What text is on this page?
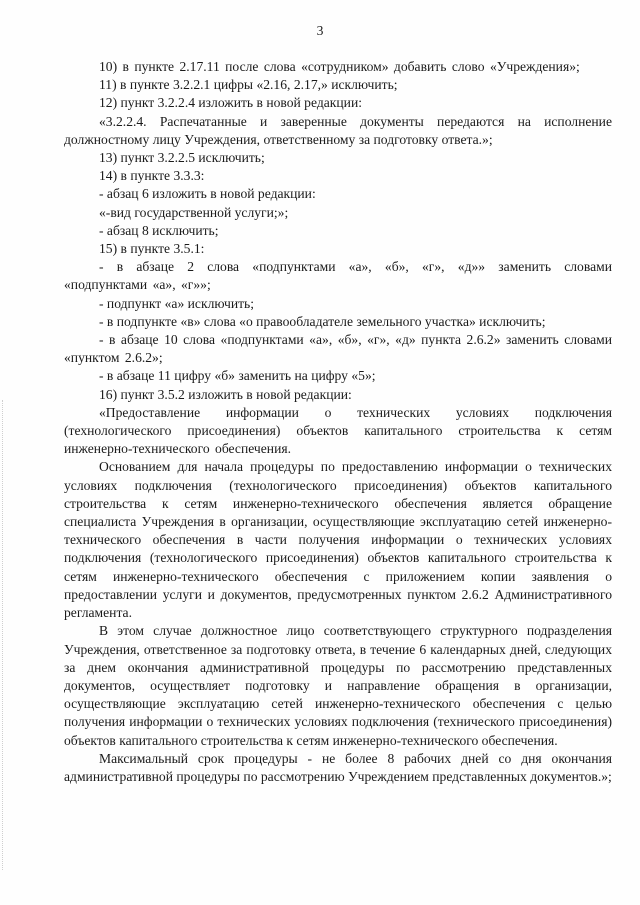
3

10) в пункте 2.17.11 после слова «сотрудником» добавить слово «Учреждения»;

11) в пункте 3.2.2.1 цифры «2.16, 2.17,» исключить;

12) пункт 3.2.2.4 изложить в новой редакции:

«3.2.2.4. Распечатанные и заверенные документы передаются на исполнение должностному лицу Учреждения, ответственному за подготовку ответа.»;

13) пункт 3.2.2.5 исключить;

14) в пункте 3.3.3:

- абзац 6 изложить в новой редакции:

«-вид государственной услуги;»;

- абзац 8 исключить;

15) в пункте 3.5.1:

- в абзаце 2 слова «подпунктами «а», «б», «г», «д»» заменить словами «подпунктами «а», «г»»;

- подпункт «а» исключить;

- в подпункте «в» слова «о правообладателе земельного участка» исключить;

- в абзаце 10 слова «подпунктами «а», «б», «г», «д» пункта 2.6.2» заменить словами «пунктом 2.6.2»;

- в абзаце 11 цифру «б» заменить на цифру «5»;

16) пункт 3.5.2 изложить в новой редакции:

«Предоставление информации о технических условиях подключения (технологического присоединения) объектов капитального строительства к сетям инженерно-технического обеспечения.

Основанием для начала процедуры по предоставлению информации о технических условиях подключения (технологического присоединения) объектов капитального строительства к сетям инженерно-технического обеспечения является обращение специалиста Учреждения в организации, осуществляющие эксплуатацию сетей инженерно-технического обеспечения в части получения информации о технических условиях подключения (технологического присоединения) объектов капитального строительства к сетям инженерно-технического обеспечения с приложением копии заявления о предоставлении услуги и документов, предусмотренных пунктом 2.6.2 Административного регламента.

В этом случае должностное лицо соответствующего структурного подразделения Учреждения, ответственное за подготовку ответа, в течение 6 календарных дней, следующих за днем окончания административной процедуры по рассмотрению представленных документов, осуществляет подготовку и направление обращения в организации, осуществляющие эксплуатацию сетей инженерно-технического обеспечения с целью получения информации о технических условиях подключения (технического присоединения) объектов капитального строительства к сетям инженерно-технического обеспечения.

Максимальный срок процедуры - не более 8 рабочих дней со дня окончания административной процедуры по рассмотрению Учреждением представленных документов.»;
